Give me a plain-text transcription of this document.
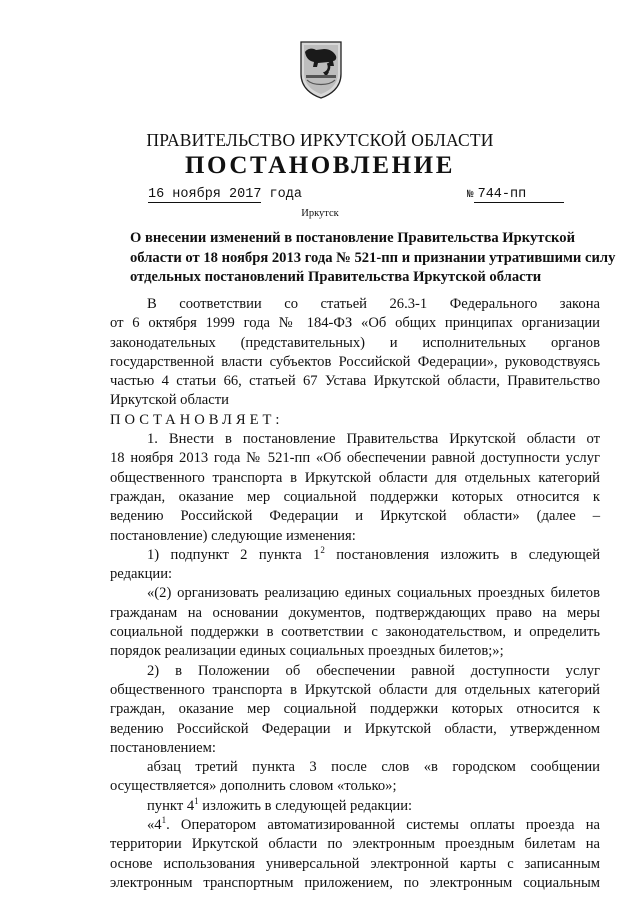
ПРАВИТЕЛЬСТВО ИРКУТСКОЙ ОБЛАСТИ
ПОСТАНОВЛЕНИЕ
16 ноября 2017 года	№ 744-пп
Иркутск
О внесении изменений в постановление Правительства Иркутской
области от 18 ноября 2013 года № 521-пп и признании утратившими силу
отдельных постановлений Правительства Иркутской области
В соответствии со статьей 26.3-1 Федерального закона
от 6 октября 1999 года № 184-ФЗ «Об общих принципах организации
законодательных (представительных) и исполнительных органов
государственной власти субъектов Российской Федерации», руководствуясь
частью 4 статьи 66, статьей 67 Устава Иркутской области, Правительство
Иркутской области
ПОСТАНОВЛЯЕТ:
1. Внести в постановление Правительства Иркутской области от
18 ноября 2013 года № 521-пп «Об обеспечении равной доступности услуг
общественного транспорта в Иркутской области для отдельных категорий
граждан, оказание мер социальной поддержки которых относится к
ведению Российской Федерации и Иркутской области» (далее –
постановление) следующие изменения:
1) подпункт 2 пункта $1^2$ постановления изложить в следующей
редакции:
«(2) организовать реализацию единых социальных проездных билетов
гражданам на основании документов, подтверждающих право на меры
социальной поддержки в соответствии с законодательством, и определить
порядок реализации единых социальных проездных билетов;»;
2) в Положении об обеспечении равной доступности услуг
общественного транспорта в Иркутской области для отдельных категорий
граждан, оказание мер социальной поддержки которых относится к
ведению Российской Федерации и Иркутской области, утвержденном
постановлением:
абзац третий пункта 3 после слов «в городском сообщении
осуществляется» дополнить словом «только»;
пункт $4^1$ изложить в следующей редакции:
«$4^1$. Оператором автоматизированной системы оплаты проезда на
территории Иркутской области по электронным проездным билетам на
основе использования универсальной электронной карты с записанным
электронным транспортным приложением, по электронным социальным
